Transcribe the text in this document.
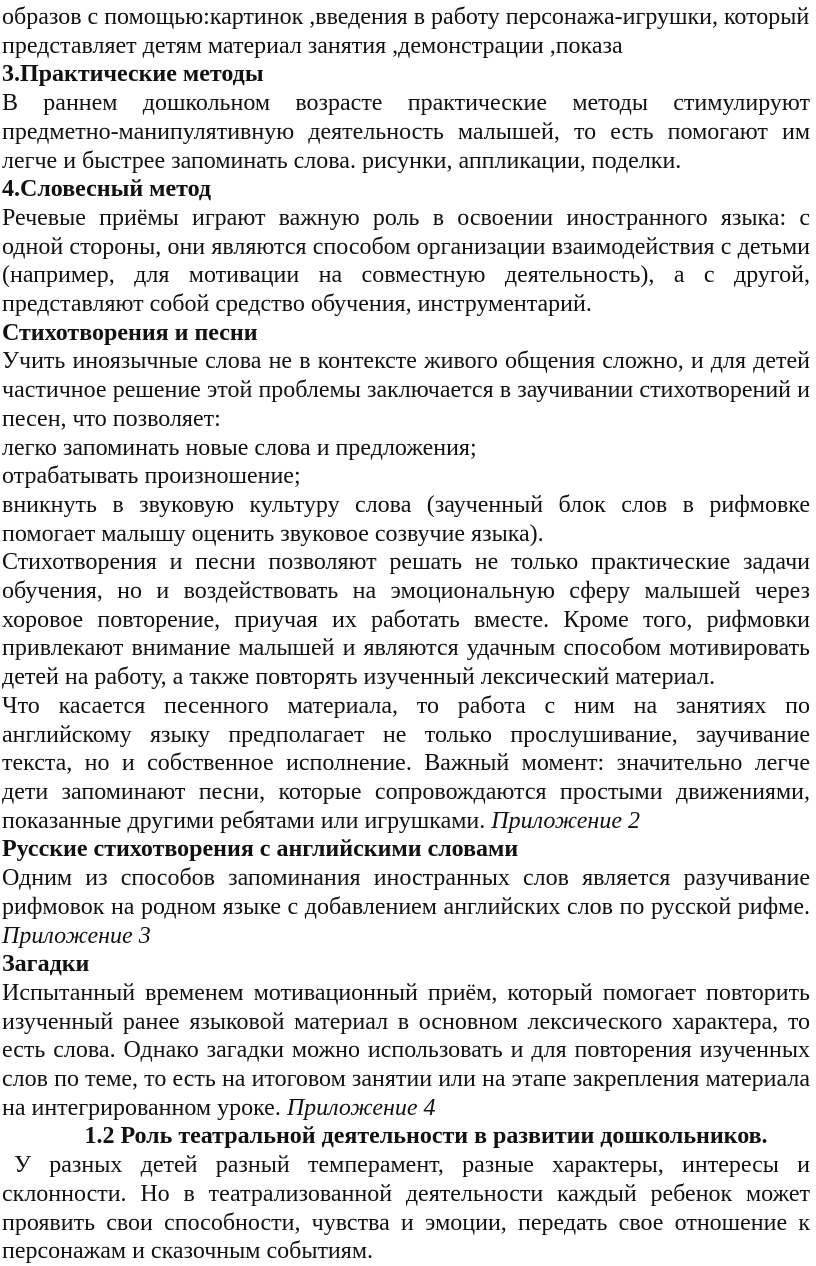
образов с помощью:картинок ,введения в работу персонажа-игрушки, который

представляет детям материал занятия ,демонстрации ,показа

3.Практические методы

В раннем дошкольном возрасте практические методы стимулируют предметно-манипулятивную деятельность малышей, то есть помогают им легче и быстрее запоминать слова. рисунки, аппликации, поделки.

4.Словесный метод

Речевые приёмы играют важную роль в освоении иностранного языка: с одной стороны, они являются способом организации взаимодействия с детьми (например, для мотивации на совместную деятельность), а с другой, представляют собой средство обучения, инструментарий.

Стихотворения и песни

Учить иноязычные слова не в контексте живого общения сложно, и для детей частичное решение этой проблемы заключается в заучивании стихотворений и песен, что позволяет:

легко запоминать новые слова и предложения;

отрабатывать произношение;

вникнуть в звуковую культуру слова (заученный блок слов в рифмовке помогает малышу оценить звуковое созвучие языка).

Стихотворения и песни позволяют решать не только практические задачи обучения, но и воздействовать на эмоциональную сферу малышей через хоровое повторение, приучая их работать вместе. Кроме того, рифмовки привлекают внимание малышей и являются удачным способом мотивировать детей на работу, а также повторять изученный лексический материал.

Что касается песенного материала, то работа с ним на занятиях по английскому языку предполагает не только прослушивание, заучивание текста, но и собственное исполнение. Важный момент: значительно легче дети запоминают песни, которые сопровождаются простыми движениями, показанные другими ребятами или игрушками. Приложение 2

Русские стихотворения с английскими словами

Одним из способов запоминания иностранных слов является разучивание рифмовок на родном языке с добавлением английских слов по русской рифме. Приложение 3

Загадки

Испытанный временем мотивационный приём, который помогает повторить изученный ранее языковой материал в основном лексического характера, то есть слова. Однако загадки можно использовать и для повторения изученных слов по теме, то есть на итоговом занятии или на этапе закрепления материала на интегрированном уроке. Приложение 4

1.2 Роль театральной деятельности в развитии дошкольников.

У разных детей разный темперамент, разные характеры, интересы и склонности. Но в театрализованной деятельности каждый ребенок может проявить свои способности, чувства и эмоции, передать свое отношение к персонажам и сказочным событиям.
